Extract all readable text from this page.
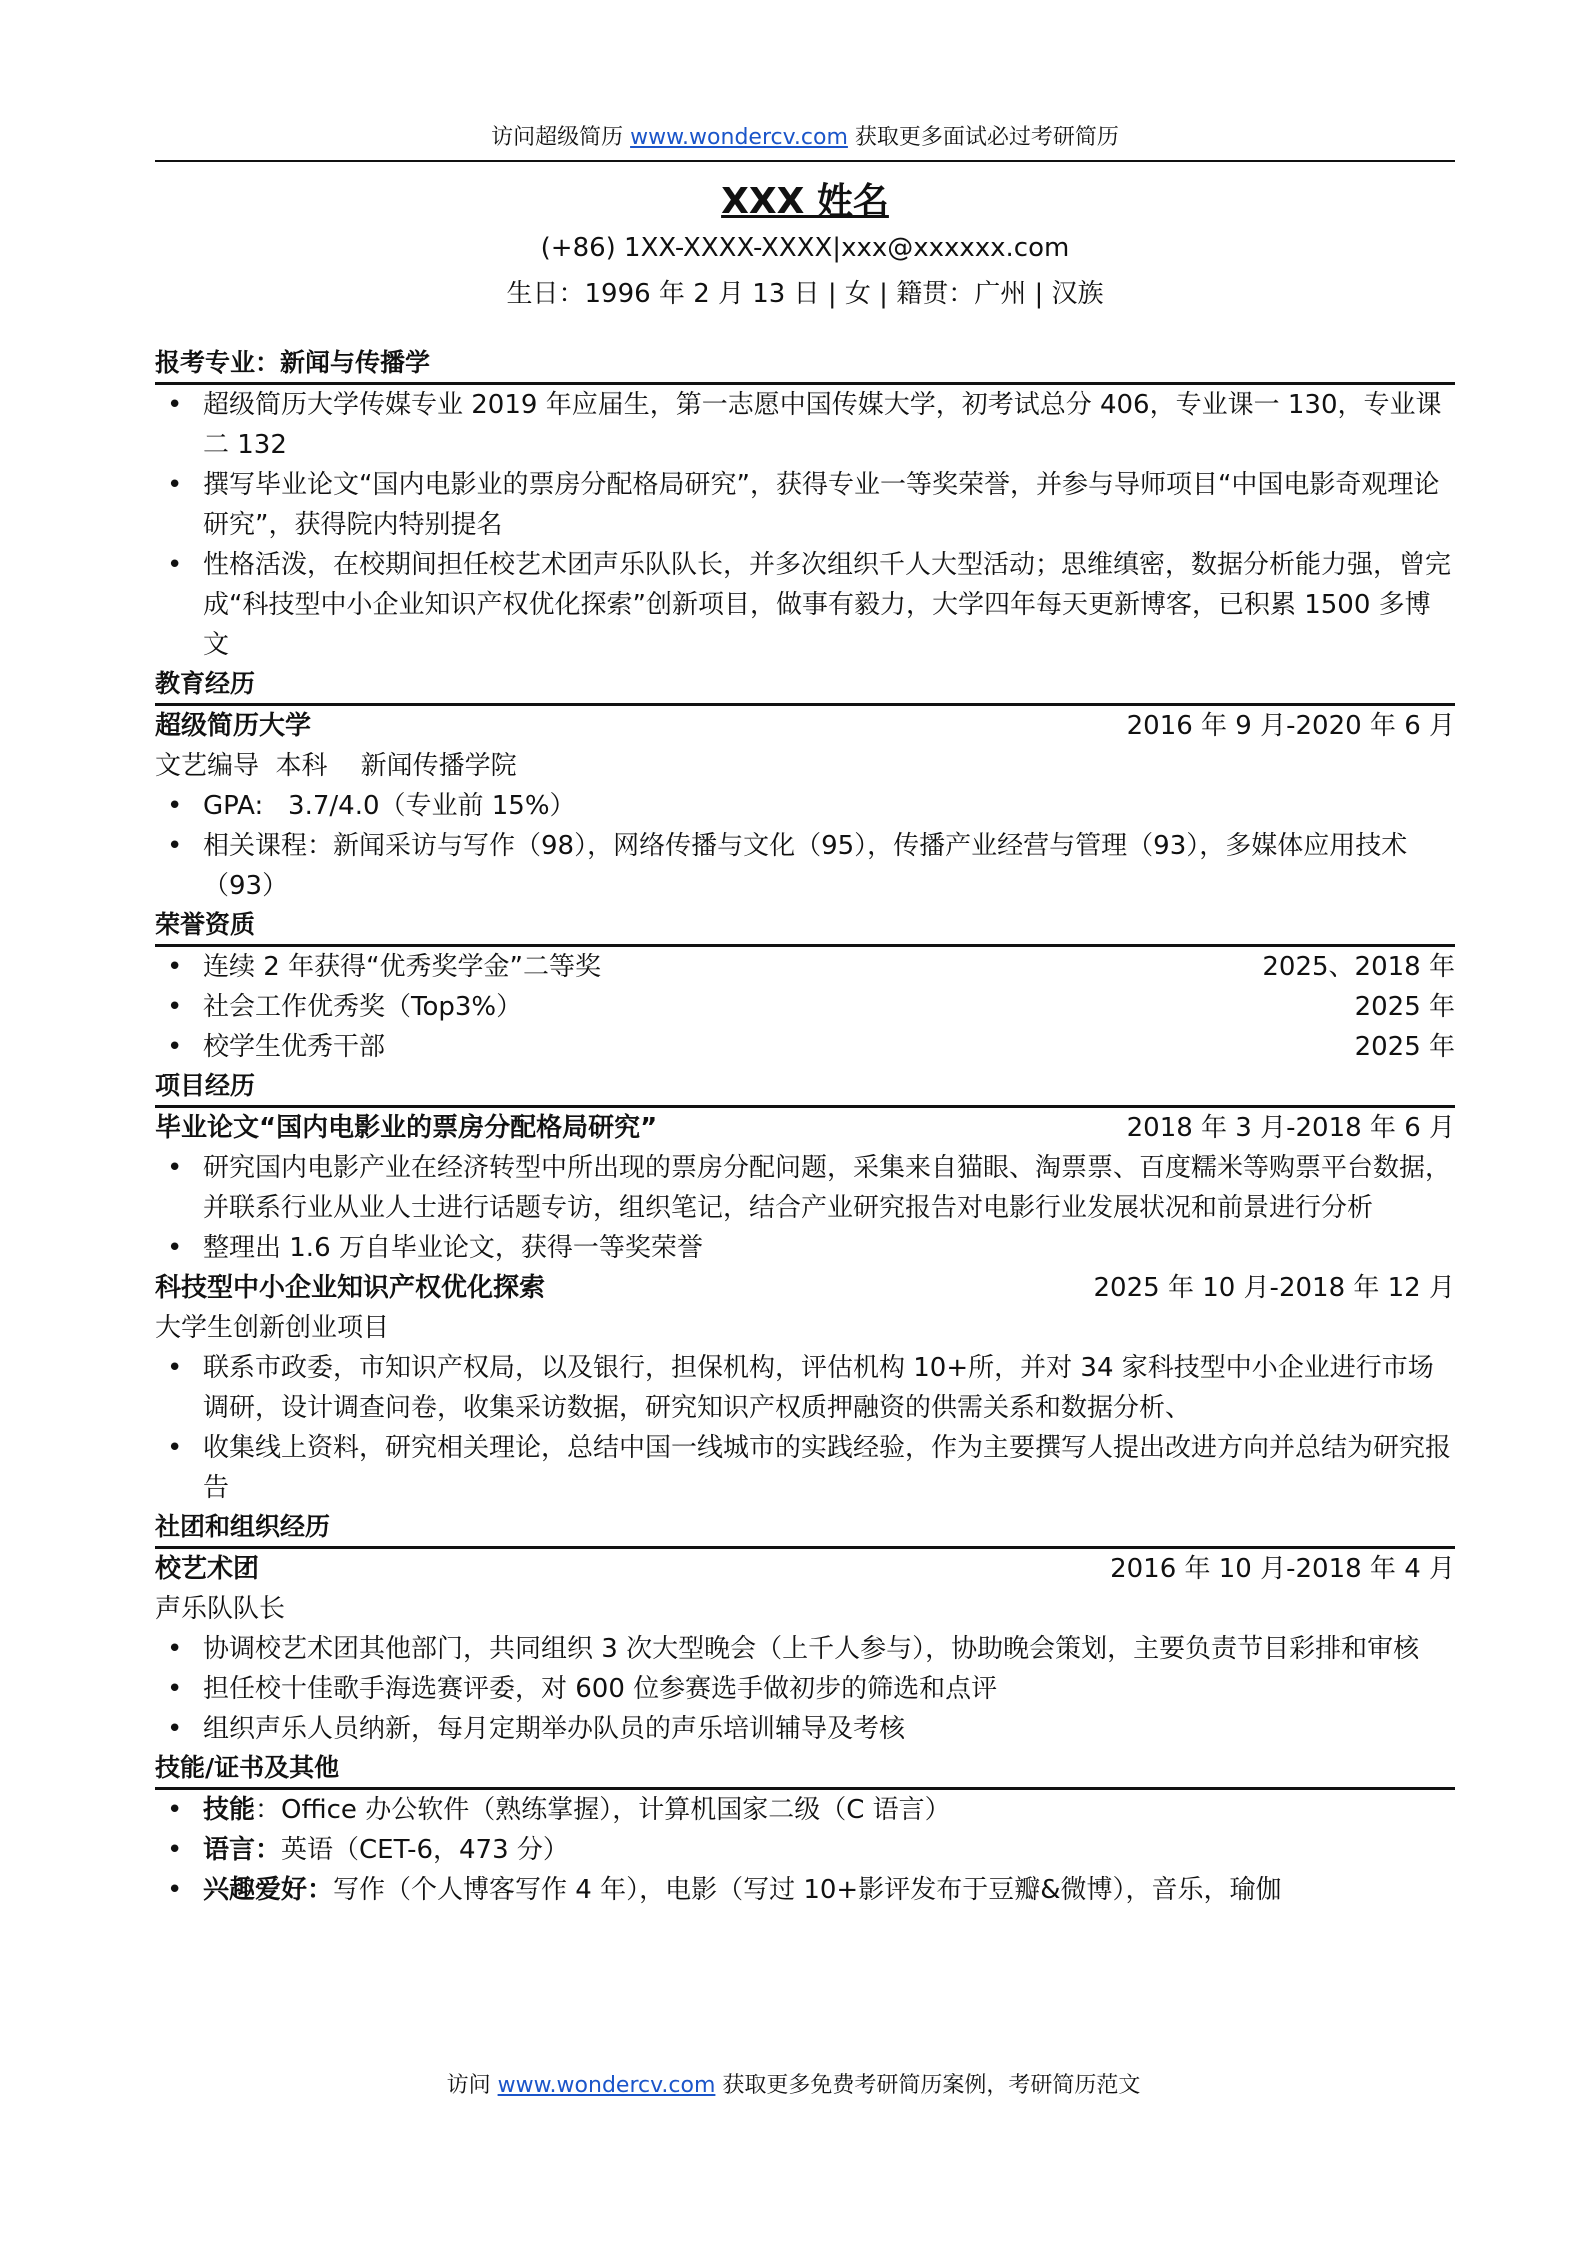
访问超级简历 www.wondercv.com 获取更多面试必过考研简历
XXX 姓名
(+86) 1XX-XXXX-XXXX|xxx@xxxxxx.com
生日：1996 年 2 月 13 日 | 女 | 籍贯：广州 | 汉族
报考专业：新闻与传播学
• 超级简历大学传媒专业 2019 年应届生，第一志愿中国传媒大学，初考试总分 406，专业课一 130，专业课二 132
• 撰写毕业论文“国内电影业的票房分配格局研究”，获得专业一等奖荣誉，并参与导师项目“中国电影奇观理论研究”，获得院内特别提名
• 性格活泼，在校期间担任校艺术团声乐队队长，并多次组织千人大型活动；思维缜密，数据分析能力强，曾完成“科技型中小企业知识产权优化探索”创新项目，做事有毅力，大学四年每天更新博客，已积累 1500 多博文
教育经历
超级简历大学	2016 年 9 月-2020 年 6 月
文艺编导  本科    新闻传播学院
• GPA:   3.7/4.0（专业前 15%）
• 相关课程：新闻采访与写作（98），网络传播与文化（95），传播产业经营与管理（93），多媒体应用技术（93）
荣誉资质
• 连续 2 年获得“优秀奖学金”二等奖	2025、2018 年
• 社会工作优秀奖（Top3%）	2025 年
• 校学生优秀干部	2025 年
项目经历
毕业论文“国内电影业的票房分配格局研究”	2018 年 3 月-2018 年 6 月
• 研究国内电影产业在经济转型中所出现的票房分配问题，采集来自猫眼、淘票票、百度糯米等购票平台数据，并联系行业从业人士进行话题专访，组织笔记，结合产业研究报告对电影行业发展状况和前景进行分析
• 整理出 1.6 万自毕业论文，获得一等奖荣誉
科技型中小企业知识产权优化探索	2025 年 10 月-2018 年 12 月
大学生创新创业项目
• 联系市政委，市知识产权局，以及银行，担保机构，评估机构 10+所，并对 34 家科技型中小企业进行市场调研，设计调查问卷，收集采访数据，研究知识产权质押融资的供需关系和数据分析、
• 收集线上资料，研究相关理论，总结中国一线城市的实践经验，作为主要撰写人提出改进方向并总结为研究报告
社团和组织经历
校艺术团	2016 年 10 月-2018 年 4 月
声乐队队长
• 协调校艺术团其他部门，共同组织 3 次大型晚会（上千人参与），协助晚会策划，主要负责节目彩排和审核
• 担任校十佳歌手海选赛评委，对 600 位参赛选手做初步的筛选和点评
• 组织声乐人员纳新，每月定期举办队员的声乐培训辅导及考核
技能/证书及其他
• 技能：Office 办公软件（熟练掌握），计算机国家二级（C 语言）
• 语言：英语（CET-6，473 分）
• 兴趣爱好：写作（个人博客写作 4 年），电影（写过 10+影评发布于豆瓣&微博），音乐，瑜伽
访问 www.wondercv.com 获取更多免费考研简历案例，考研简历范文
